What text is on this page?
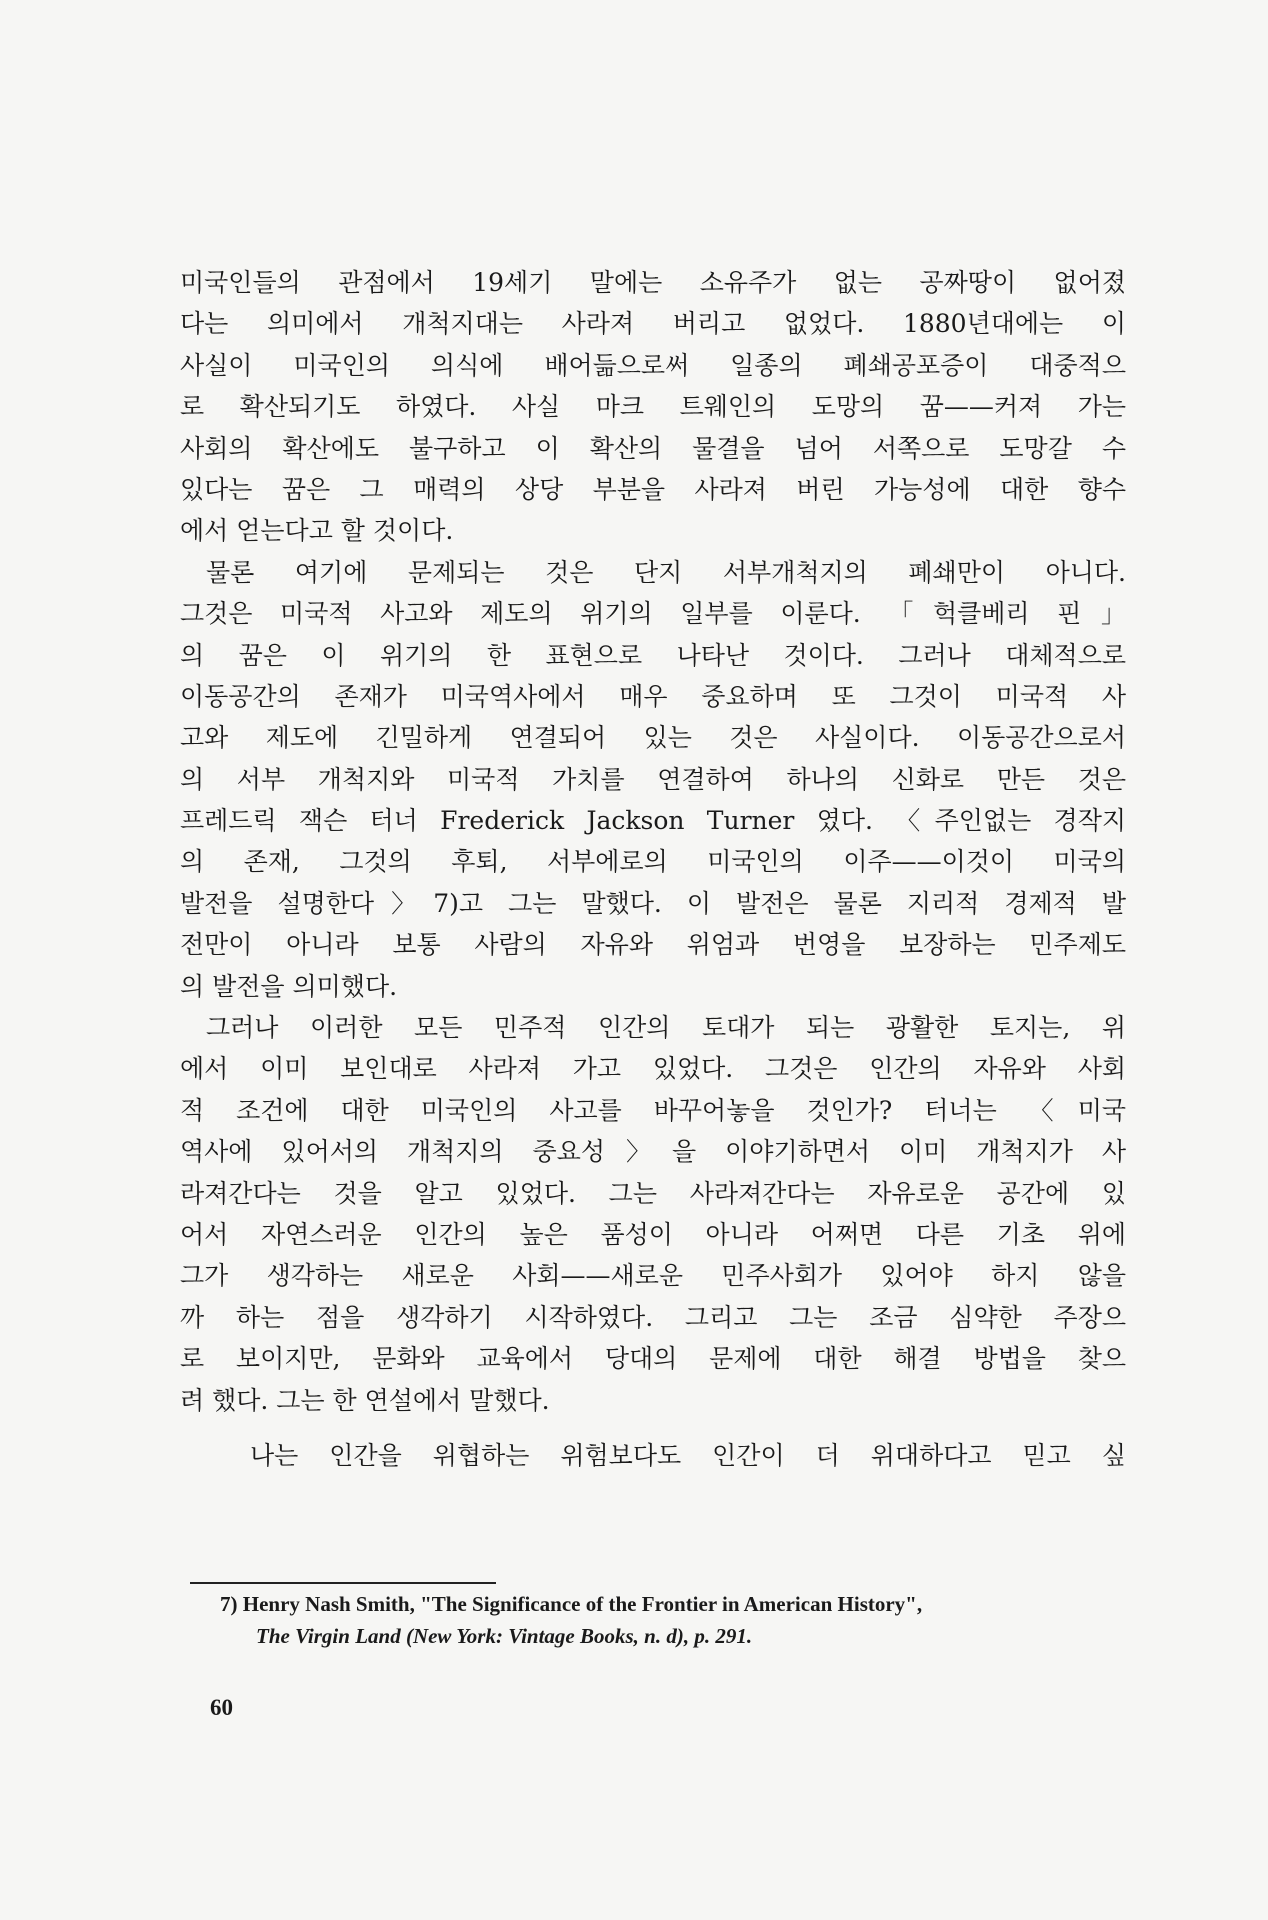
미국인들의 관점에서 19세기 말에는 소유주가 없는 공짜땅이 없어졌
다는 의미에서 개척지대는 사라져 버리고 없었다. 1880년대에는 이
사실이 미국인의 의식에 배어듦으로써 일종의 폐쇄공포증이 대중적으
로 확산되기도 하였다. 사실 마크 트웨인의 도망의 꿈——커져 가는
사회의 확산에도 불구하고 이 확산의 물결을 넘어 서쪽으로 도망갈 수
있다는 꿈은 그 매력의 상당 부분을 사라져 버린 가능성에 대한 향수
에서 얻는다고 할 것이다.
물론 여기에 문제되는 것은 단지 서부개척지의 폐쇄만이 아니다.
그것은 미국적 사고와 제도의 위기의 일부를 이룬다. 「헉클베리 핀」
의 꿈은 이 위기의 한 표현으로 나타난 것이다. 그러나 대체적으로
이동공간의 존재가 미국역사에서 매우 중요하며 또 그것이 미국적 사
고와 제도에 긴밀하게 연결되어 있는 것은 사실이다. 이동공간으로서
의 서부 개척지와 미국적 가치를 연결하여 하나의 신화로 만든 것은
프레드릭 잭슨 터너 Frederick Jackson Turner 였다. 〈주인없는 경작지
의 존재, 그것의 후퇴, 서부에로의 미국인의 이주——이것이 미국의
발전을 설명한다〉7)고 그는 말했다. 이 발전은 물론 지리적 경제적 발
전만이 아니라 보통 사람의 자유와 위엄과 번영을 보장하는 민주제도
의 발전을 의미했다.
그러나 이러한 모든 민주적 인간의 토대가 되는 광활한 토지는, 위
에서 이미 보인대로 사라져 가고 있었다. 그것은 인간의 자유와 사회
적 조건에 대한 미국인의 사고를 바꾸어놓을 것인가? 터너는 〈미국
역사에 있어서의 개척지의 중요성〉을 이야기하면서 이미 개척지가 사
라져간다는 것을 알고 있었다. 그는 사라져간다는 자유로운 공간에 있
어서 자연스러운 인간의 높은 품성이 아니라 어쩌면 다른 기초 위에
그가 생각하는 새로운 사회——새로운 민주사회가 있어야 하지 않을
까 하는 점을 생각하기 시작하였다. 그리고 그는 조금 심약한 주장으
로 보이지만, 문화와 교육에서 당대의 문제에 대한 해결 방법을 찾으
려 했다. 그는 한 연설에서 말했다.
나는 인간을 위협하는 위험보다도 인간이 더 위대하다고 믿고 싶
7) Henry Nash Smith, "The Significance of the Frontier in American History",
The Virgin Land (New York: Vintage Books, n. d), p. 291.
60
